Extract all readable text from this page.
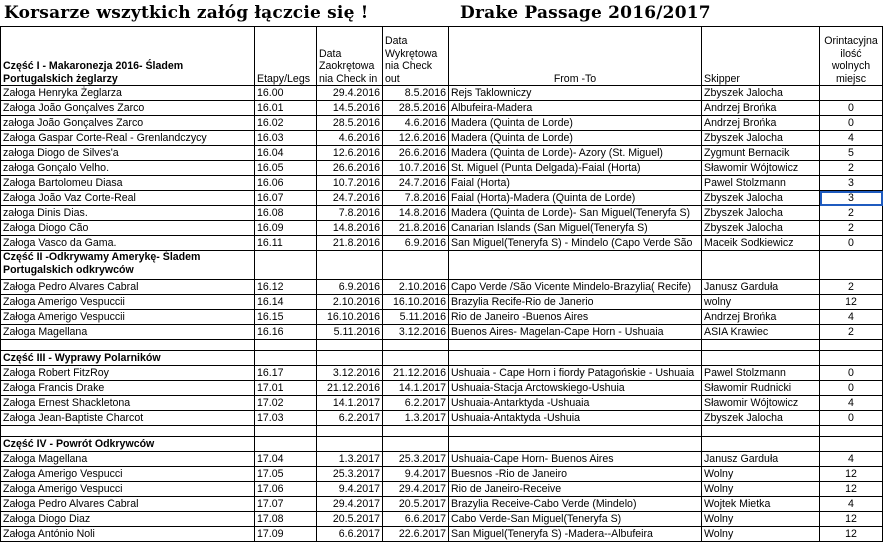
Korsarze wszytkich załóg łączcie się !	Drake Passage 2016/2017
Część I - Makaronezja 2016- Śladem Portugalskich żeglarzy	Etapy/Legs	Data Zaokrętowa nia Check in	Data Wykrętowa nia Check out	From -To	Skipper	Orintacyjna ilość wolnych miejsc
Załoga Henryka Żeglarza	16.00	29.4.2016	8.5.2016	Rejs Taklowniczy	Zbyszek Jalocha	
Załoga João Gonçalves Zarco	16.01	14.5.2016	28.5.2016	Albufeira-Madera	Andrzej Brońka	0
załoga João Gonçalves Zarco	16.02	28.5.2016	4.6.2016	Madera (Quinta de Lorde)	Andrzej Brońka	0
Załoga Gaspar Corte-Real - Grenlandczycy	16.03	4.6.2016	12.6.2016	Madera (Quinta de Lorde)	Zbyszek Jalocha	4
załoga Diogo de Silves'a	16.04	12.6.2016	26.6.2016	Madera (Quinta de Lorde)- Azory (St. Miguel)	Zygmunt Bernacik	5
załoga Gonçalo Velho.	16.05	26.6.2016	10.7.2016	St. Miguel (Punta Delgada)-Faial (Horta)	Sławomir Wójtowicz	2
Załoga Bartolomeu Diasa	16.06	10.7.2016	24.7.2016	Faial (Horta)	Pawel Stolzmann	3
Załoga João Vaz Corte-Real	16.07	24.7.2016	7.8.2016	Faial (Horta)-Madera (Quinta de Lorde)	Zbyszek Jalocha	3
załoga Dinis Dias.	16.08	7.8.2016	14.8.2016	Madera (Quinta de Lorde)- San Miguel(Teneryfa S)	Zbyszek Jalocha	2
Załoga Diogo Cão	16.09	14.8.2016	21.8.2016	Canarian Islands (San Miguel(Teneryfa S)	Zbyszek Jalocha	2
Załoga Vasco da Gama.	16.11	21.8.2016	6.9.2016	San Miguel(Teneryfa S) - Mindelo (Capo Verde São	Maceik Sodkiewicz	0
Część II -Odkrywamy Amerykę- Śladem Portugalskich odkrywców						
Załoga Pedro Alvares Cabral	16.12	6.9.2016	2.10.2016	Capo Verde /São Vicente Mindelo-Brazylia( Recife)	Janusz Garduła	2
Załoga Amerigo Vespuccii	16.14	2.10.2016	16.10.2016	Brazylia Recife-Rio de Janerio	wolny	12
Załoga Amerigo Vespuccii	16.15	16.10.2016	5.11.2016	Rio de Janeiro -Buenos Aires	Andrzej Brońka	4
Załoga Magellana	16.16	5.11.2016	3.12.2016	Buenos Aires- Magelan-Cape Horn - Ushuaia	ASIA Krawiec	2

Część III - Wyprawy Polarników						
Załoga Robert FitzRoy	16.17	3.12.2016	21.12.2016	Ushuaia - Cape Horn i fiordy Patagońskie - Ushuaia	Pawel Stolzmann	0
Załoga Francis Drake	17.01	21.12.2016	14.1.2017	Ushuaia-Stacja Arctowskiego-Ushuia	Sławomir Rudnicki	0
Załoga Ernest Shackletona	17.02	14.1.2017	6.2.2017	Ushuaia-Antarktyda -Ushuaia	Sławomir Wójtowicz	4
Załoga Jean-Baptiste Charcot	17.03	6.2.2017	1.3.2017	Ushuaia-Antaktyda -Ushuia	Zbyszek Jalocha	0

Część IV - Powrót Odkrywców						
Załoga Magellana	17.04	1.3.2017	25.3.2017	Ushuaia-Cape Horn- Buenos Aires	Janusz Garduła	4
Załoga Amerigo Vespucci	17.05	25.3.2017	9.4.2017	Buesnos -Rio de Janeiro	Wolny	12
Załoga Amerigo Vespucci	17.06	9.4.2017	29.4.2017	Rio de Janeiro-Receive	Wolny	12
Załoga Pedro Alvares Cabral	17.07	29.4.2017	20.5.2017	Brazylia Receive-Cabo Verde (Mindelo)	Wojtek Mietka	4
Załoga Diogo Diaz	17.08	20.5.2017	6.6.2017	Cabo Verde-San Miguel(Teneryfa S)	Wolny	12
Załoga António Noli	17.09	6.6.2017	22.6.2017	San Miguel(Teneryfa S) -Madera--Albufeira	Wolny	12
